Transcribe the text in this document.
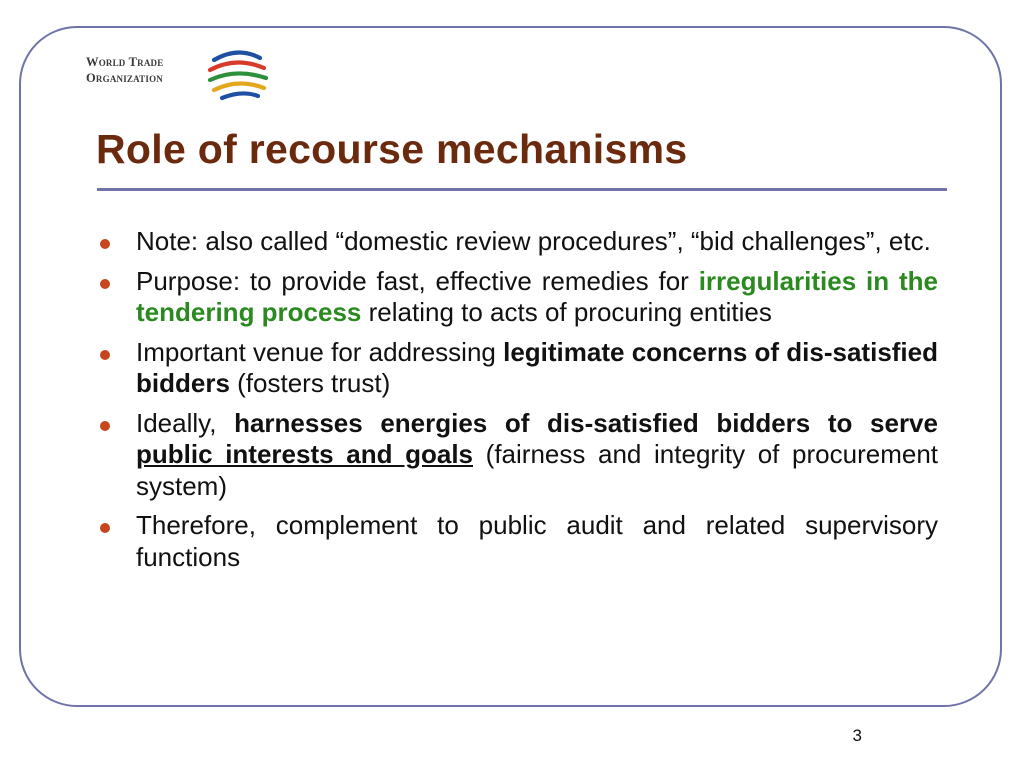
World Trade
Organization
Role of recourse mechanisms
Note: also called “domestic review procedures”, “bid challenges”, etc.
Purpose: to provide fast, effective remedies for irregularities in the tendering process relating to acts of procuring entities
Important venue for addressing legitimate concerns of dis-satisfied bidders (fosters trust)
Ideally, harnesses energies of dis-satisfied bidders to serve public interests and goals (fairness and integrity of procurement system)
Therefore, complement to public audit and related supervisory functions
3
